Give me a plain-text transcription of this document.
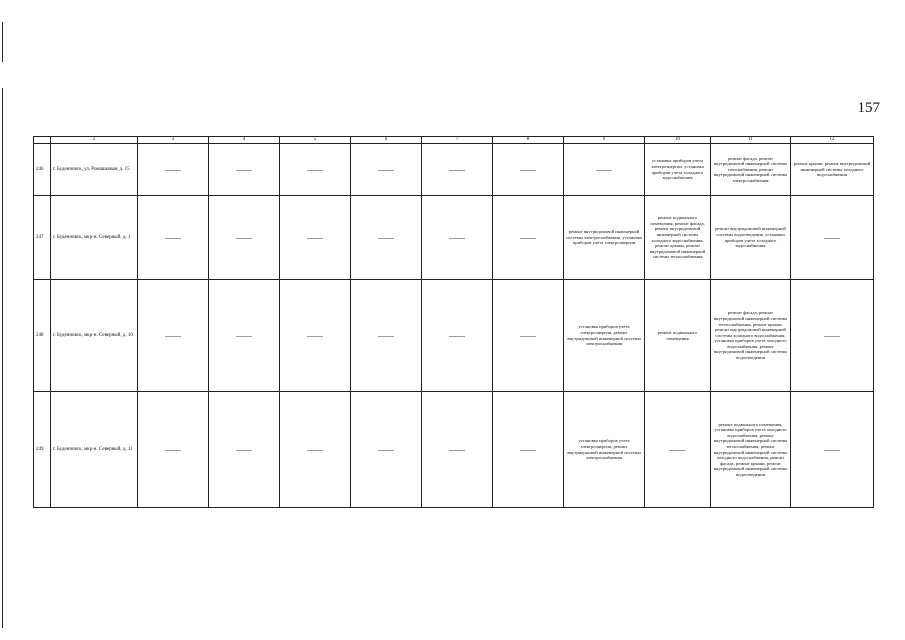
157
	2	3	4	5	6	7	8	9	10	11	12
246	г. Буденновск, ул. Ромашковая, д. 15	——	——	——	——	——	——	——	установка приборов учета электроэнергии, установка приборов учета холодного водоснабжения	ремонт фасада, ремонт внутридомовой инженерной системы газоснабжения, ремонт внутридомовой инженерной системы электроснабжения	ремонт крыши, ремонт внутридомовой инженерной системы холодного водоснабжения
247	г. Буденновск, мкр-н. Северный, д. 1	——	——	——	——	——	——	ремонт внутридомовой инженерной системы электроснабжения, установка приборов учета электроэнергии	ремонт подвального помещения, ремонт фасада, ремонт внутридомовой инженерной системы холодного водоснабжения, ремонт крыши, ремонт внутридомовой инженерной системы теплоснабжения	ремонт внутридомовой инженерной системы водоотведения, установка приборов учета холодного водоснабжения	——
248	г. Буденновск, мкр-н. Северный, д. 10	——	——	——	——	——	——	установка приборов учета электроэнергии, ремонт внутридомовой инженерной системы электроснабжения	ремонт подвального помещения	ремонт фасада, ремонт внутридомовой инженерной системы теплоснабжения, ремонт крыши, ремонт внутридомовой инженерной системы холодного водоснабжения, установка приборов учета холодного водоснабжения, ремонт внутридомовой инженерной системы водоотведения	——
249	г. Буденновск, мкр-н. Северный, д. 11	——	——	——	——	——	——	установка приборов учета электроэнергии, ремонт внутридомовой инженерной системы электроснабжения	——	ремонт подвального помещения, установка приборов учета холодного водоснабжения, ремонт внутридомовой инженерной системы теплоснабжения, ремонт внутридомовой инженерной системы холодного водоснабжения, ремонт фасада, ремонт крыши, ремонт внутридомовой инженерной системы водоотведения	——
